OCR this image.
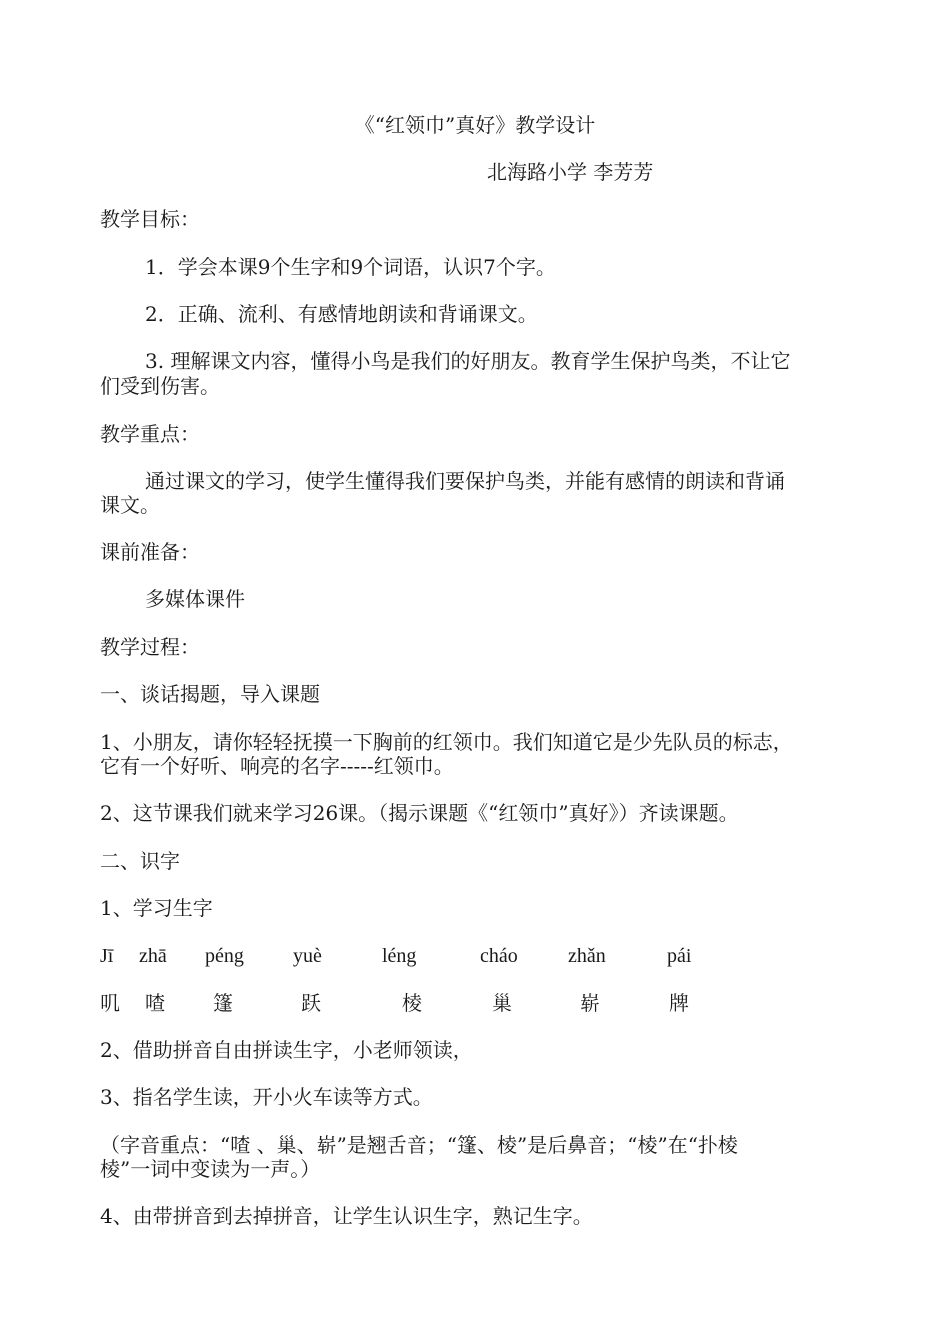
《“红领巾”真好》教学设计
北海路小学 李芳芳
教学目标：
1．学会本课9个生字和9个词语，认识7个字。
2．正确、流利、有感情地朗读和背诵课文。
3. 理解课文内容，懂得小鸟是我们的好朋友。教育学生保护鸟类，不让它
们受到伤害。
教学重点：
通过课文的学习，使学生懂得我们要保护鸟类，并能有感情的朗读和背诵
课文。
课前准备：
多媒体课件
教学过程：
一、谈话揭题，导入课题
1、小朋友，请你轻轻抚摸一下胸前的红领巾。我们知道它是少先队员的标志，
它有一个好听、响亮的名字-----红领巾。
2、这节课我们就来学习26课。（揭示课题《“红领巾”真好》）齐读课题。
二、识字
1、学习生字
Jī zhā péng yuè	léng	cháo	zhǎn	pái
叽 喳 篷	跃	棱	巢	崭	牌
2、借助拼音自由拼读生字，小老师领读，
3、指名学生读，开小火车读等方式。
（字音重点：“喳 、巢、崭”是翘舌音；“篷、棱”是后鼻音；“棱”在“扑棱
棱”一词中变读为一声。）
4、由带拼音到去掉拼音，让学生认识生字，熟记生字。
